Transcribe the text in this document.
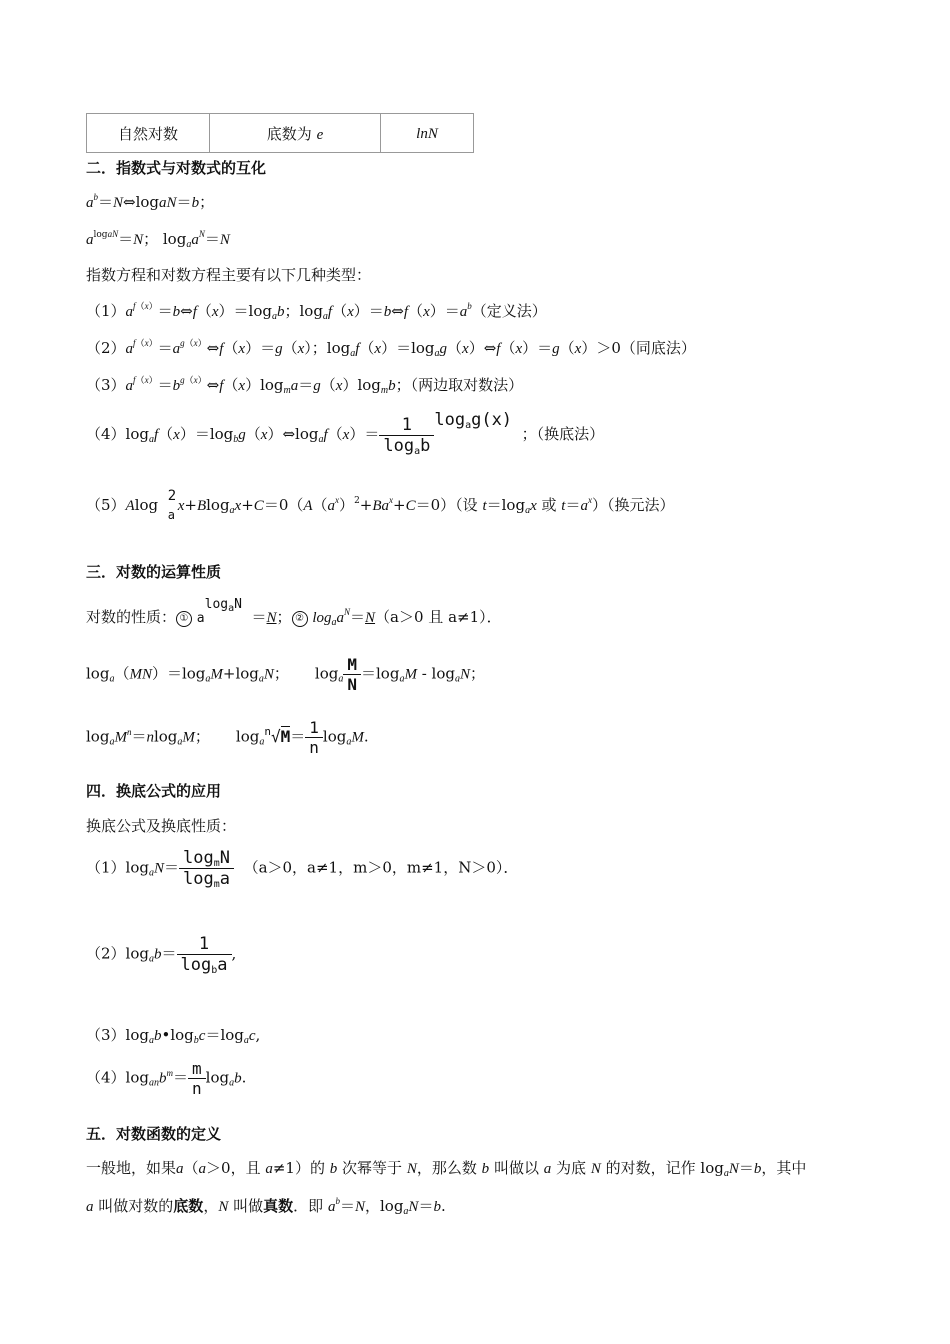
自然对数	底数为 e	lnN
二．指数式与对数式的互化
$a^b=N\Leftrightarrow logaN=b$；
$a^{logaN}=N$； $\log_aa^N=N$
指数方程和对数方程主要有以下几种类型：
$(1)a^{f(x)}=b\Leftrightarrow f(x)=\log_ab$；$\log_af(x)=b\Leftrightarrow f(x)=a^b$（定义法）
$(2)a^{f(x)}=a^{g(x)}\Leftrightarrow f(x)=g(x)$；$\log_af(x)=\log_ag(x)\Leftrightarrow f(x)=g(x)>0$（同底法）
$(3)a^{f(x)}=b^{g(x)}\Leftrightarrow f(x)\log_ma=g(x)\log_mb$；（两边取对数法）
$(4)\log_af(x)=\log_bg(x)\Leftrightarrow\log_af(x)= \frac{1}{\log_ab} \log_ag(x)$  ；（换底法）
（5）Alog 2
a
$x+Blog_ax+C=0(A(a^x)^2+Ba^x+C=0)$（设 $t=\log_ax$ 或 $t=a^x$）（换元法）
三．对数的运算性质
对数的性质： ① alog$_a$N  ＝N； ② $\log_aa^N=N(a>0$ 且 a≠1）．
$\log_a(MN)=\log_aM+\log_aN$； $\log_a \frac{M}{N} =\log_aM - \log_aN$；
$\log_aM^n=nlog_aM$； $\log_a^n√M= \frac{1}{n} \log_aM$.
四．换底公式的应用
换底公式及换底性质：
$(1)\log_aN= \frac{\log_mN}{\log_ma} (a>0$，a≠1，m＞0，m≠1，N＞0）．
$(2)\log_ab= \frac{1}{\log_ba}$ ,
$(3)\log_ab•\log_bc=\log_ac$,
$(4)\log_{an}b^m= \frac{m}{n} \log_ab$.
五．对数函数的定义
一般地，如果a（a＞0，且 a≠1）的 b 次幂等于 N，那么数 b 叫做以 a 为底 N 的对数，记作 $\log_aN=b$，其中
a 叫做对数的底数，N 叫做真数．即 $a^b=N$，$\log_aN=b$.
